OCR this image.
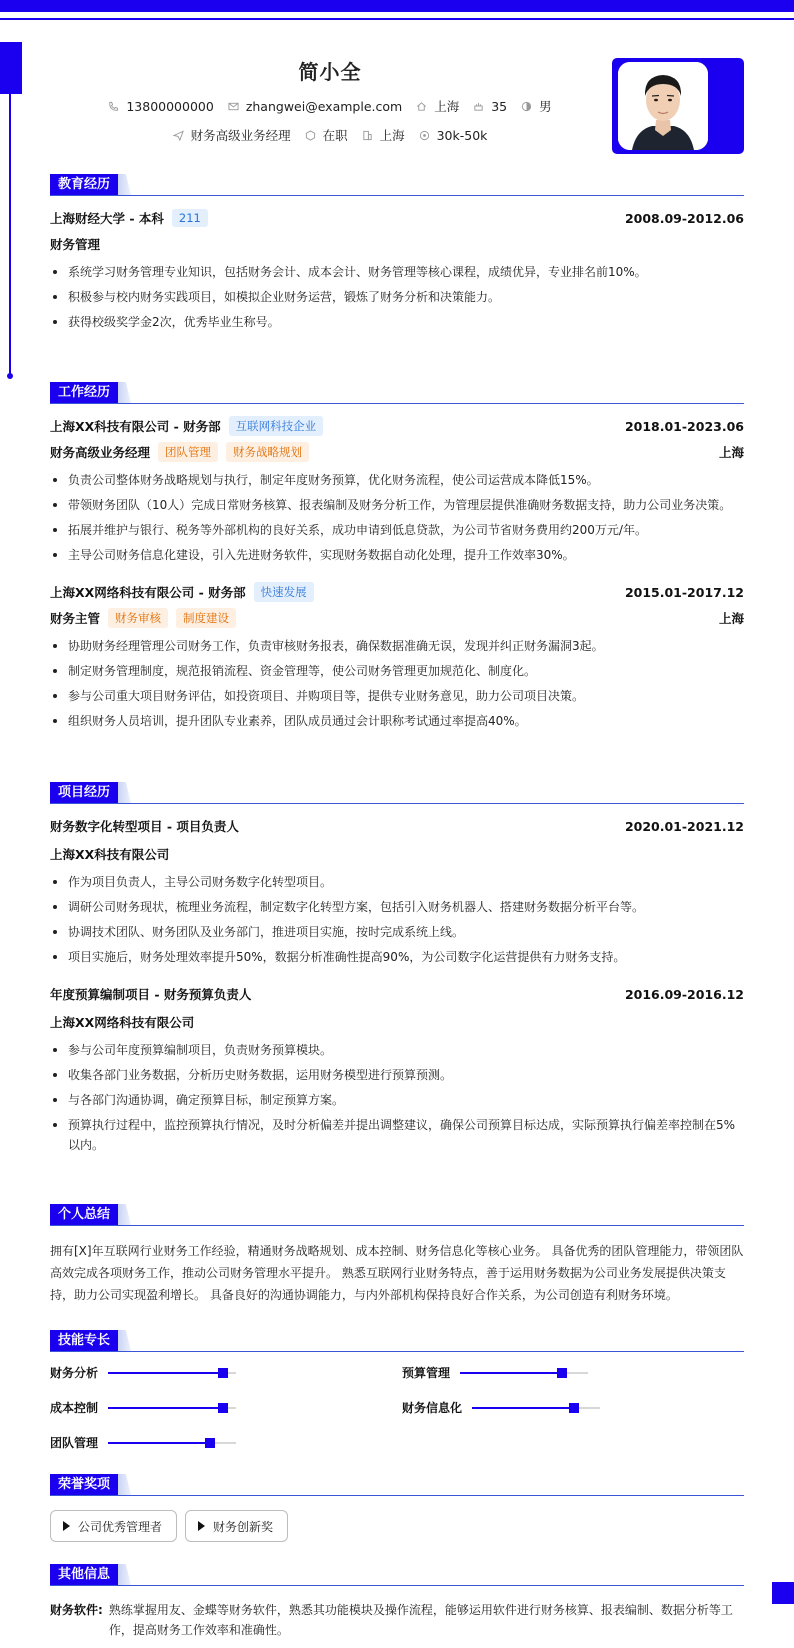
简小全
13800000000	zhangwei@example.com	上海	35	男
财务高级业务经理	在职	上海	30k-50k
教育经历
上海财经大学 - 本科	211	2008.09-2012.06
财务管理
系统学习财务管理专业知识，包括财务会计、成本会计、财务管理等核心课程，成绩优异，专业排名前10%。
积极参与校内财务实践项目，如模拟企业财务运营，锻炼了财务分析和决策能力。
获得校级奖学金2次，优秀毕业生称号。
工作经历
上海XX科技有限公司 - 财务部	互联网科技企业	2018.01-2023.06
财务高级业务经理	团队管理	财务战略规划	上海
负责公司整体财务战略规划与执行，制定年度财务预算，优化财务流程，使公司运营成本降低15%。
带领财务团队（10人）完成日常财务核算、报表编制及财务分析工作，为管理层提供准确财务数据支持，助力公司业务决策。
拓展并维护与银行、税务等外部机构的良好关系，成功申请到低息贷款，为公司节省财务费用约200万元/年。
主导公司财务信息化建设，引入先进财务软件，实现财务数据自动化处理，提升工作效率30%。
上海XX网络科技有限公司 - 财务部	快速发展	2015.01-2017.12
财务主管	财务审核	制度建设	上海
协助财务经理管理公司财务工作，负责审核财务报表，确保数据准确无误，发现并纠正财务漏洞3起。
制定财务管理制度，规范报销流程、资金管理等，使公司财务管理更加规范化、制度化。
参与公司重大项目财务评估，如投资项目、并购项目等，提供专业财务意见，助力公司项目决策。
组织财务人员培训，提升团队专业素养，团队成员通过会计职称考试通过率提高40%。
项目经历
财务数字化转型项目 - 项目负责人	2020.01-2021.12
上海XX科技有限公司
作为项目负责人，主导公司财务数字化转型项目。
调研公司财务现状，梳理业务流程，制定数字化转型方案，包括引入财务机器人、搭建财务数据分析平台等。
协调技术团队、财务团队及业务部门，推进项目实施，按时完成系统上线。
项目实施后，财务处理效率提升50%，数据分析准确性提高90%，为公司数字化运营提供有力财务支持。
年度预算编制项目 - 财务预算负责人	2016.09-2016.12
上海XX网络科技有限公司
参与公司年度预算编制项目，负责财务预算模块。
收集各部门业务数据，分析历史财务数据，运用财务模型进行预算预测。
与各部门沟通协调，确定预算目标，制定预算方案。
预算执行过程中，监控预算执行情况，及时分析偏差并提出调整建议，确保公司预算目标达成，实际预算执行偏差率控制在5%以内。
个人总结
拥有[X]年互联网行业财务工作经验，精通财务战略规划、成本控制、财务信息化等核心业务。 具备优秀的团队管理能力，带领团队高效完成各项财务工作，推动公司财务管理水平提升。 熟悉互联网行业财务特点，善于运用财务数据为公司业务发展提供决策支持，助力公司实现盈利增长。 具备良好的沟通协调能力，与内外部机构保持良好合作关系，为公司创造有利财务环境。
技能专长
财务分析	预算管理
成本控制	财务信息化
团队管理
荣誉奖项
公司优秀管理者	财务创新奖
其他信息
财务软件: 熟练掌握用友、金蝶等财务软件，熟悉其功能模块及操作流程，能够运用软件进行财务核算、报表编制、数据分析等工作，提高财务工作效率和准确性。
